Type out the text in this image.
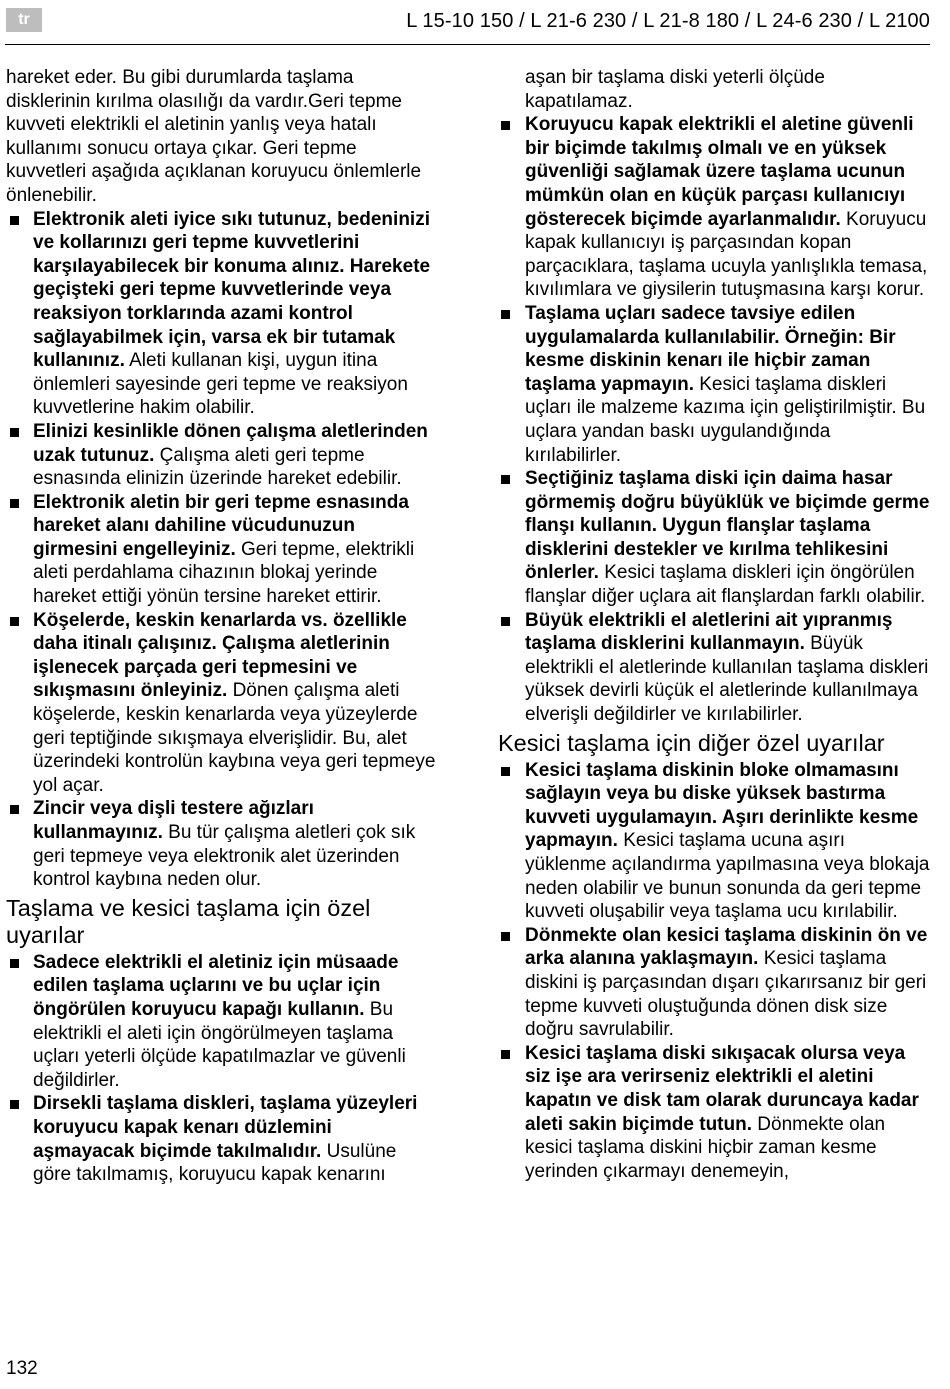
tr	L 15-10 150 / L 21-6 230 / L 21-8 180 / L 24-6 230 / L 2100

hareket eder. Bu gibi durumlarda taşlama disklerinin kırılma olasılığı da vardır.Geri tepme kuvveti elektrikli el aletinin yanlış veya hatalı kullanımı sonucu ortaya çıkar. Geri tepme kuvvetleri aşağıda açıklanan koruyucu önlemlerle önlenebilir.

Elektronik aleti iyice sıkı tutunuz, bedeninizi ve kollarınızı geri tepme kuvvetlerini karşılayabilecek bir konuma alınız. Harekete geçişteki geri tepme kuvvetlerinde veya reaksiyon torklarında azami kontrol sağlayabilmek için, varsa ek bir tutamak kullanınız. Aleti kullanan kişi, uygun itina önlemleri sayesinde geri tepme ve reaksiyon kuvvetlerine hakim olabilir.
Elinizi kesinlikle dönen çalışma aletlerinden uzak tutunuz. Çalışma aleti geri tepme esnasında elinizin üzerinde hareket edebilir.
Elektronik aletin bir geri tepme esnasında hareket alanı dahiline vücudunuzun girmesini engelleyiniz. Geri tepme, elektrikli aleti perdahlama cihazının blokaj yerinde hareket ettiği yönün tersine hareket ettirir.
Köşelerde, keskin kenarlarda vs. özellikle daha itinalı çalışınız. Çalışma aletlerinin işlenecek parçada geri tepmesini ve sıkışmasını önleyiniz. Dönen çalışma aleti köşelerde, keskin kenarlarda veya yüzeylerde geri teptiğinde sıkışmaya elverişlidir. Bu, alet üzerindeki kontrolün kaybına veya geri tepmeye yol açar.
Zincir veya dişli testere ağızları kullanmayınız. Bu tür çalışma aletleri çok sık geri tepmeye veya elektronik alet üzerinden kontrol kaybına neden olur.
Taşlama ve kesici taşlama için özel uyarılar
Sadece elektrikli el aletiniz için müsaade edilen taşlama uçlarını ve bu uçlar için öngörülen koruyucu kapağı kullanın. Bu elektrikli el aleti için öngörülmeyen taşlama uçları yeterli ölçüde kapatılmazlar ve güvenli değildirler.
Dirsekli taşlama diskleri, taşlama yüzeyleri koruyucu kapak kenarı düzlemini aşmayacak biçimde takılmalıdır. Usulüne göre takılmamış, koruyucu kapak kenarını

aşan bir taşlama diski yeterli ölçüde kapatılamaz.

Koruyucu kapak elektrikli el aletine güvenli bir biçimde takılmış olmalı ve en yüksek güvenliği sağlamak üzere taşlama ucunun mümkün olan en küçük parçası kullanıcıyı gösterecek biçimde ayarlanmalıdır. Koruyucu kapak kullanıcıyı iş parçasından kopan parçacıklara, taşlama ucuyla yanlışlıkla temasa, kıvılımlara ve giysilerin tutuşmasına karşı korur.
Taşlama uçları sadece tavsiye edilen uygulamalarda kullanılabilir. Örneğin: Bir kesme diskinin kenarı ile hiçbir zaman taşlama yapmayın. Kesici taşlama diskleri uçları ile malzeme kazıma için geliştirilmiştir. Bu uçlara yandan baskı uygulandığında kırılabilirler.
Seçtiğiniz taşlama diski için daima hasar görmemiş doğru büyüklük ve biçimde germe flanşı kullanın. Uygun flanşlar taşlama disklerini destekler ve kırılma tehlikesini önlerler. Kesici taşlama diskleri için öngörülen flanşlar diğer uçlara ait flanşlardan farklı olabilir.
Büyük elektrikli el aletlerini ait yıpranmış taşlama disklerini kullanmayın. Büyük elektrikli el aletlerinde kullanılan taşlama diskleri yüksek devirli küçük el aletlerinde kullanılmaya elverişli değildirler ve kırılabilirler.
Kesici taşlama için diğer özel uyarılar
Kesici taşlama diskinin bloke olmamasını sağlayın veya bu diske yüksek bastırma kuvveti uygulamayın. Aşırı derinlikte kesme yapmayın. Kesici taşlama ucuna aşırı yüklenme açılandırma yapılmasına veya blokaja neden olabilir ve bunun sonunda da geri tepme kuvveti oluşabilir veya taşlama ucu kırılabilir.
Dönmekte olan kesici taşlama diskinin ön ve arka alanına yaklaşmayın. Kesici taşlama diskini iş parçasından dışarı çıkarırsanız bir geri tepme kuvveti oluştuğunda dönen disk size doğru savrulabilir.
Kesici taşlama diski sıkışacak olursa veya siz işe ara verirseniz elektrikli el aletini kapatın ve disk tam olarak duruncaya kadar aleti sakin biçimde tutun. Dönmekte olan kesici taşlama diskini hiçbir zaman kesme yerinden çıkarmayı denemeyin,
132
